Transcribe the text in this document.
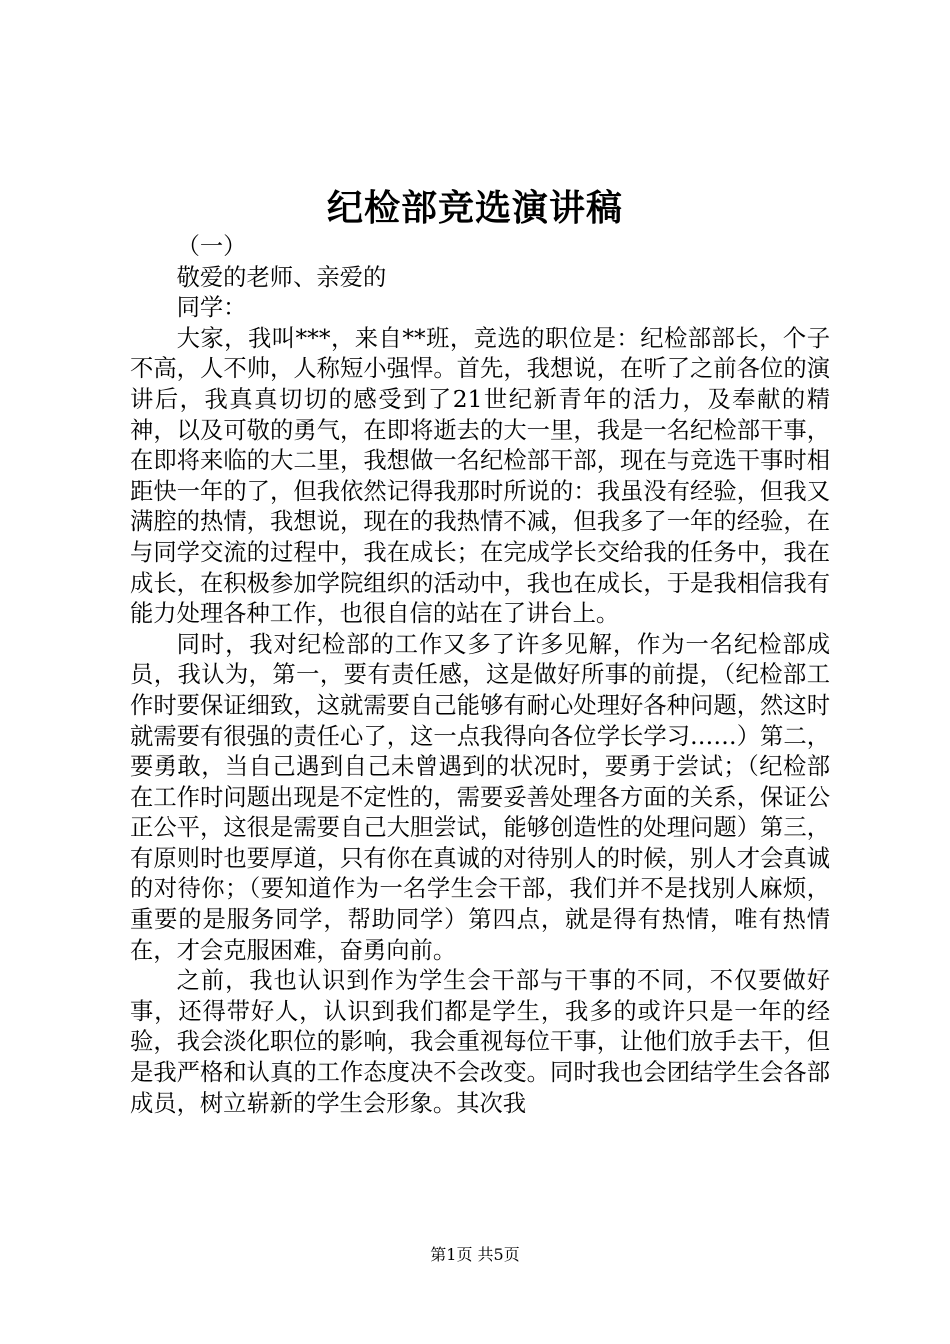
纪检部竞选演讲稿

（一）

敬爱的老师、亲爱的

同学：

大家，我叫***，来自**班，竞选的职位是：纪检部部长，个子不高，人不帅，人称短小强悍。首先，我想说，在听了之前各位的演讲后，我真真切切的感受到了21世纪新青年的活力，及奉献的精神，以及可敬的勇气，在即将逝去的大一里，我是一名纪检部干事，在即将来临的大二里，我想做一名纪检部干部，现在与竞选干事时相距快一年的了，但我依然记得我那时所说的：我虽没有经验，但我又满腔的热情，我想说，现在的我热情不减，但我多了一年的经验，在与同学交流的过程中，我在成长；在完成学长交给我的任务中，我在成长，在积极参加学院组织的活动中，我也在成长，于是我相信我有能力处理各种工作，也很自信的站在了讲台上。

同时，我对纪检部的工作又多了许多见解，作为一名纪检部成员，我认为，第一，要有责任感，这是做好所事的前提，（纪检部工作时要保证细致，这就需要自己能够有耐心处理好各种问题，然这时就需要有很强的责任心了，这一点我得向各位学长学习……）第二，要勇敢，当自己遇到自己未曾遇到的状况时，要勇于尝试；（纪检部在工作时问题出现是不定性的，需要妥善处理各方面的关系，保证公正公平，这很是需要自己大胆尝试，能够创造性的处理问题）第三，有原则时也要厚道，只有你在真诚的对待别人的时候，别人才会真诚的对待你；（要知道作为一名学生会干部，我们并不是找别人麻烦，重要的是服务同学，帮助同学）第四点，就是得有热情，唯有热情在，才会克服困难，奋勇向前。

之前，我也认识到作为学生会干部与干事的不同，不仅要做好事，还得带好人，认识到我们都是学生，我多的或许只是一年的经验，我会淡化职位的影响，我会重视每位干事，让他们放手去干，但是我严格和认真的工作态度决不会改变。同时我也会团结学生会各部成员，树立崭新的学生会形象。其次我

第1页 共5页
